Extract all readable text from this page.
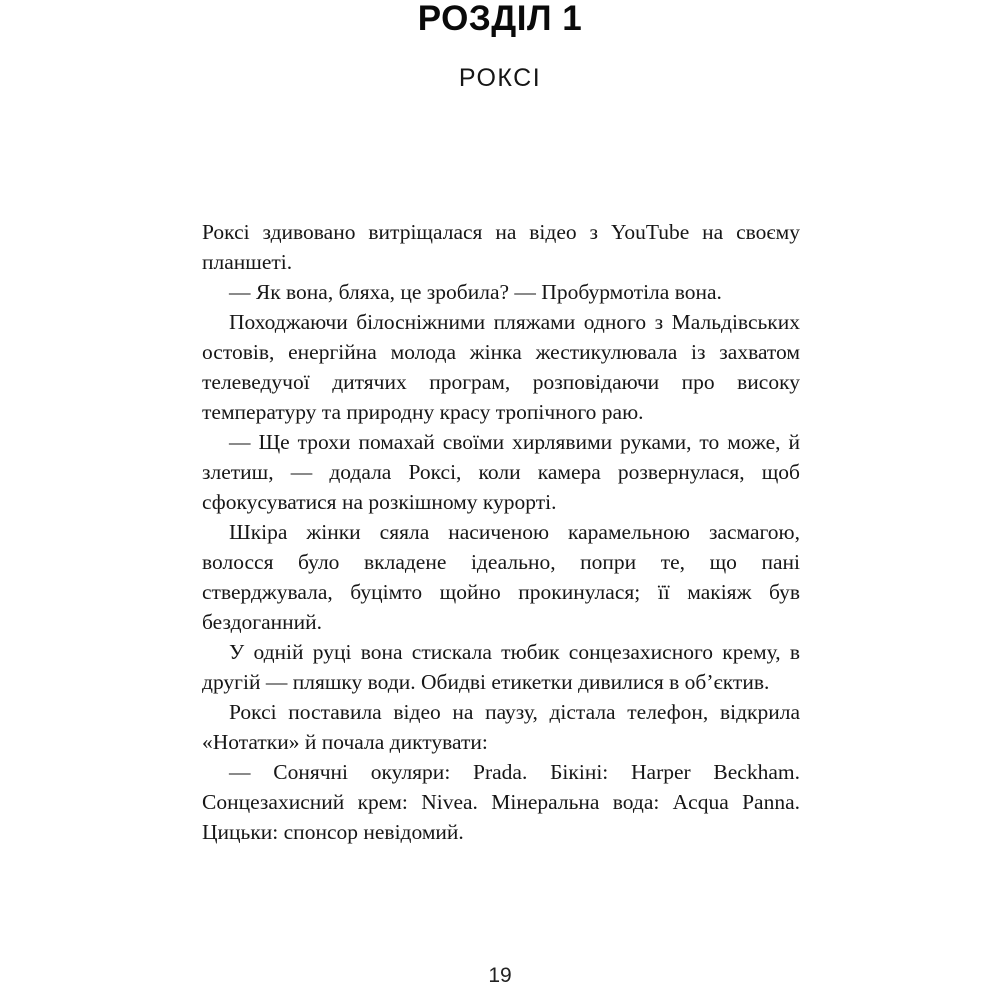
РОЗДІЛ 1
РОКСІ

Роксі здивовано витріщалася на відео з YouTube на своєму планшеті.

— Як вона, бляха, це зробила? — Пробурмотіла вона.

Походжаючи білосніжними пляжами одного з Мальдівських остовів, енергійна молода жінка жестикулювала із захватом телеведучої дитячих програм, розповідаючи про високу температуру та природну красу тропічного раю.

— Ще трохи помахай своїми хирлявими руками, то може, й злетиш, — додала Роксі, коли камера розвернулася, щоб сфокусуватися на розкішному курорті.

Шкіра жінки сяяла насиченою карамельною засмагою, волосся було вкладене ідеально, попри те, що пані стверджувала, буцімто щойно прокинулася; її макіяж був бездоганний.

У одній руці вона стискала тюбик сонцезахисного крему, в другій — пляшку води. Обидві етикетки дивилися в об’єктив.

Роксі поставила відео на паузу, дістала телефон, відкрила «Нотатки» й почала диктувати:

— Сонячні окуляри: Prada. Бікіні: Harper Beckham. Сонцезахисний крем: Nivea. Мінеральна вода: Acqua Panna. Цицьки: спонсор невідомий.

19
